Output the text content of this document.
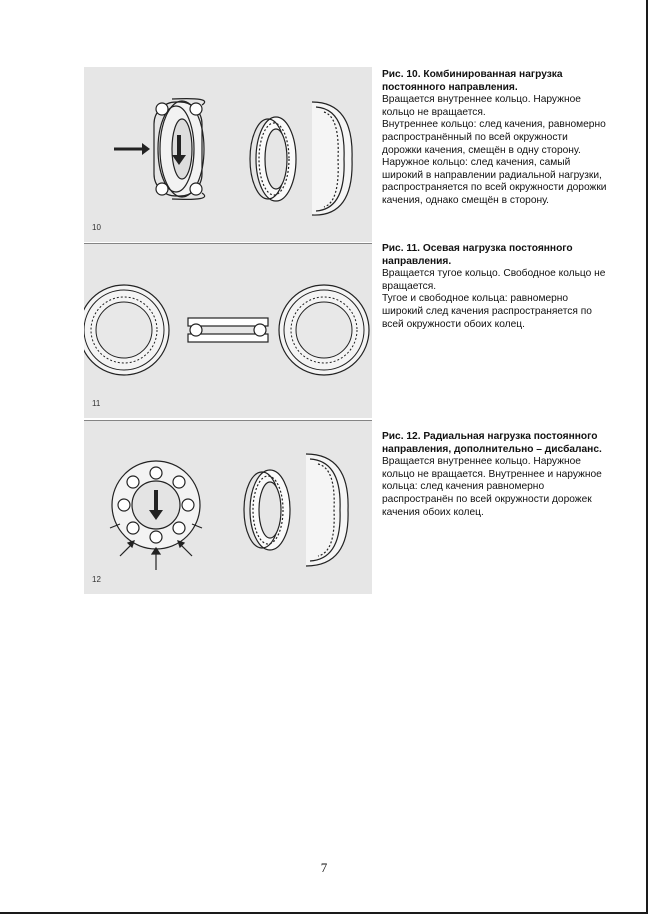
10
11
12
Рис. 10. Комбинированная нагрузка постоянного направления.
Вращается внутреннее кольцо. Наружное кольцо не вращается.
Внутреннее кольцо: след качения, равномерно распространённый по всей окружности дорожки качения, смещён в одну сторону.
Наружное кольцо: след качения, самый широкий в направлении радиальной нагрузки, распространяется по всей окружности дорожки качения, однако смещён в сторону.
Рис. 11. Осевая нагрузка постоянного направления.
Вращается тугое кольцо. Свободное кольцо не вращается.
Тугое и свободное кольца: равномерно широкий след качения распространяется по всей окружности обоих колец.
Рис. 12. Радиальная нагрузка постоянного направления, дополнительно – дисбаланс.
Вращается внутреннее кольцо. Наружное кольцо не вращается. Внутреннее и наружное кольца: след качения равномерно распространён по всей окружности дорожек качения обоих колец.
7
